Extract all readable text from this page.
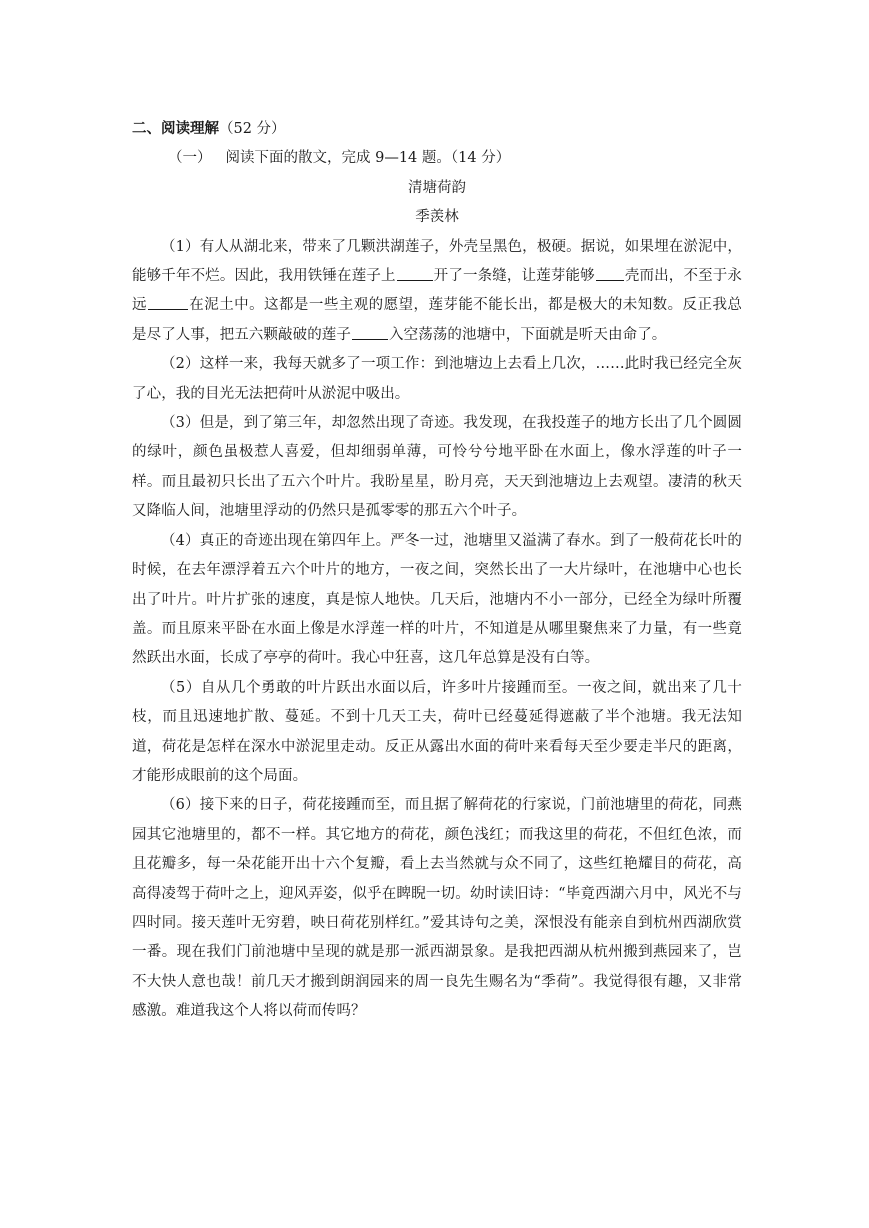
二、阅读理解（52 分）

（一） 阅读下面的散文，完成 9—14 题。（14 分）

清塘荷韵

季羡林

（1）有人从湖北来，带来了几颗洪湖莲子，外壳呈黑色，极硬。据说，如果埋在淤泥中，能够千年不烂。因此，我用铁锤在莲子上	开了一条缝，让莲芽能够 壳而出，不至于永远	在泥土中。这都是一些主观的愿望，莲芽能不能长出，都是极大的未知数。反正我总是尽了人事，把五六颗敲破的莲子	入空荡荡的池塘中，下面就是听天由命了。

（2）这样一来，我每天就多了一项工作：到池塘边上去看上几次，……此时我已经完全灰了心，我的目光无法把荷叶从淤泥中吸出。

（3）但是，到了第三年，却忽然出现了奇迹。我发现，在我投莲子的地方长出了几个圆圆的绿叶，颜色虽极惹人喜爱，但却细弱单薄，可怜兮兮地平卧在水面上，像水浮莲的叶子一样。而且最初只长出了五六个叶片。我盼星星，盼月亮，天天到池塘边上去观望。凄清的秋天又降临人间，池塘里浮动的仍然只是孤零零的那五六个叶子。

（4）真正的奇迹出现在第四年上。严冬一过，池塘里又溢满了春水。到了一般荷花长叶的时候，在去年漂浮着五六个叶片的地方，一夜之间，突然长出了一大片绿叶，在池塘中心也长出了叶片。叶片扩张的速度，真是惊人地快。几天后，池塘内不小一部分，已经全为绿叶所覆盖。而且原来平卧在水面上像是水浮莲一样的叶片，不知道是从哪里聚焦来了力量，有一些竟然跃出水面，长成了亭亭的荷叶。我心中狂喜，这几年总算是没有白等。

（5）自从几个勇敢的叶片跃出水面以后，许多叶片接踵而至。一夜之间，就出来了几十枝，而且迅速地扩散、蔓延。不到十几天工夫，荷叶已经蔓延得遮蔽了半个池塘。我无法知道，荷花是怎样在深水中淤泥里走动。反正从露出水面的荷叶来看每天至少要走半尺的距离，才能形成眼前的这个局面。

（6）接下来的日子，荷花接踵而至，而且据了解荷花的行家说，门前池塘里的荷花，同燕园其它池塘里的，都不一样。其它地方的荷花，颜色浅红；而我这里的荷花，不但红色浓，而且花瓣多，每一朵花能开出十六个复瓣，看上去当然就与众不同了，这些红艳耀目的荷花，高高得凌驾于荷叶之上，迎风弄姿，似乎在睥睨一切。幼时读旧诗：“毕竟西湖六月中，风光不与四时同。接天莲叶无穷碧，映日荷花别样红。”爱其诗句之美，深恨没有能亲自到杭州西湖欣赏一番。现在我们门前池塘中呈现的就是那一派西湖景象。是我把西湖从杭州搬到燕园来了，岂不大快人意也哉！前几天才搬到朗润园来的周一良先生赐名为“季荷”。我觉得很有趣，又非常感激。难道我这个人将以荷而传吗？
